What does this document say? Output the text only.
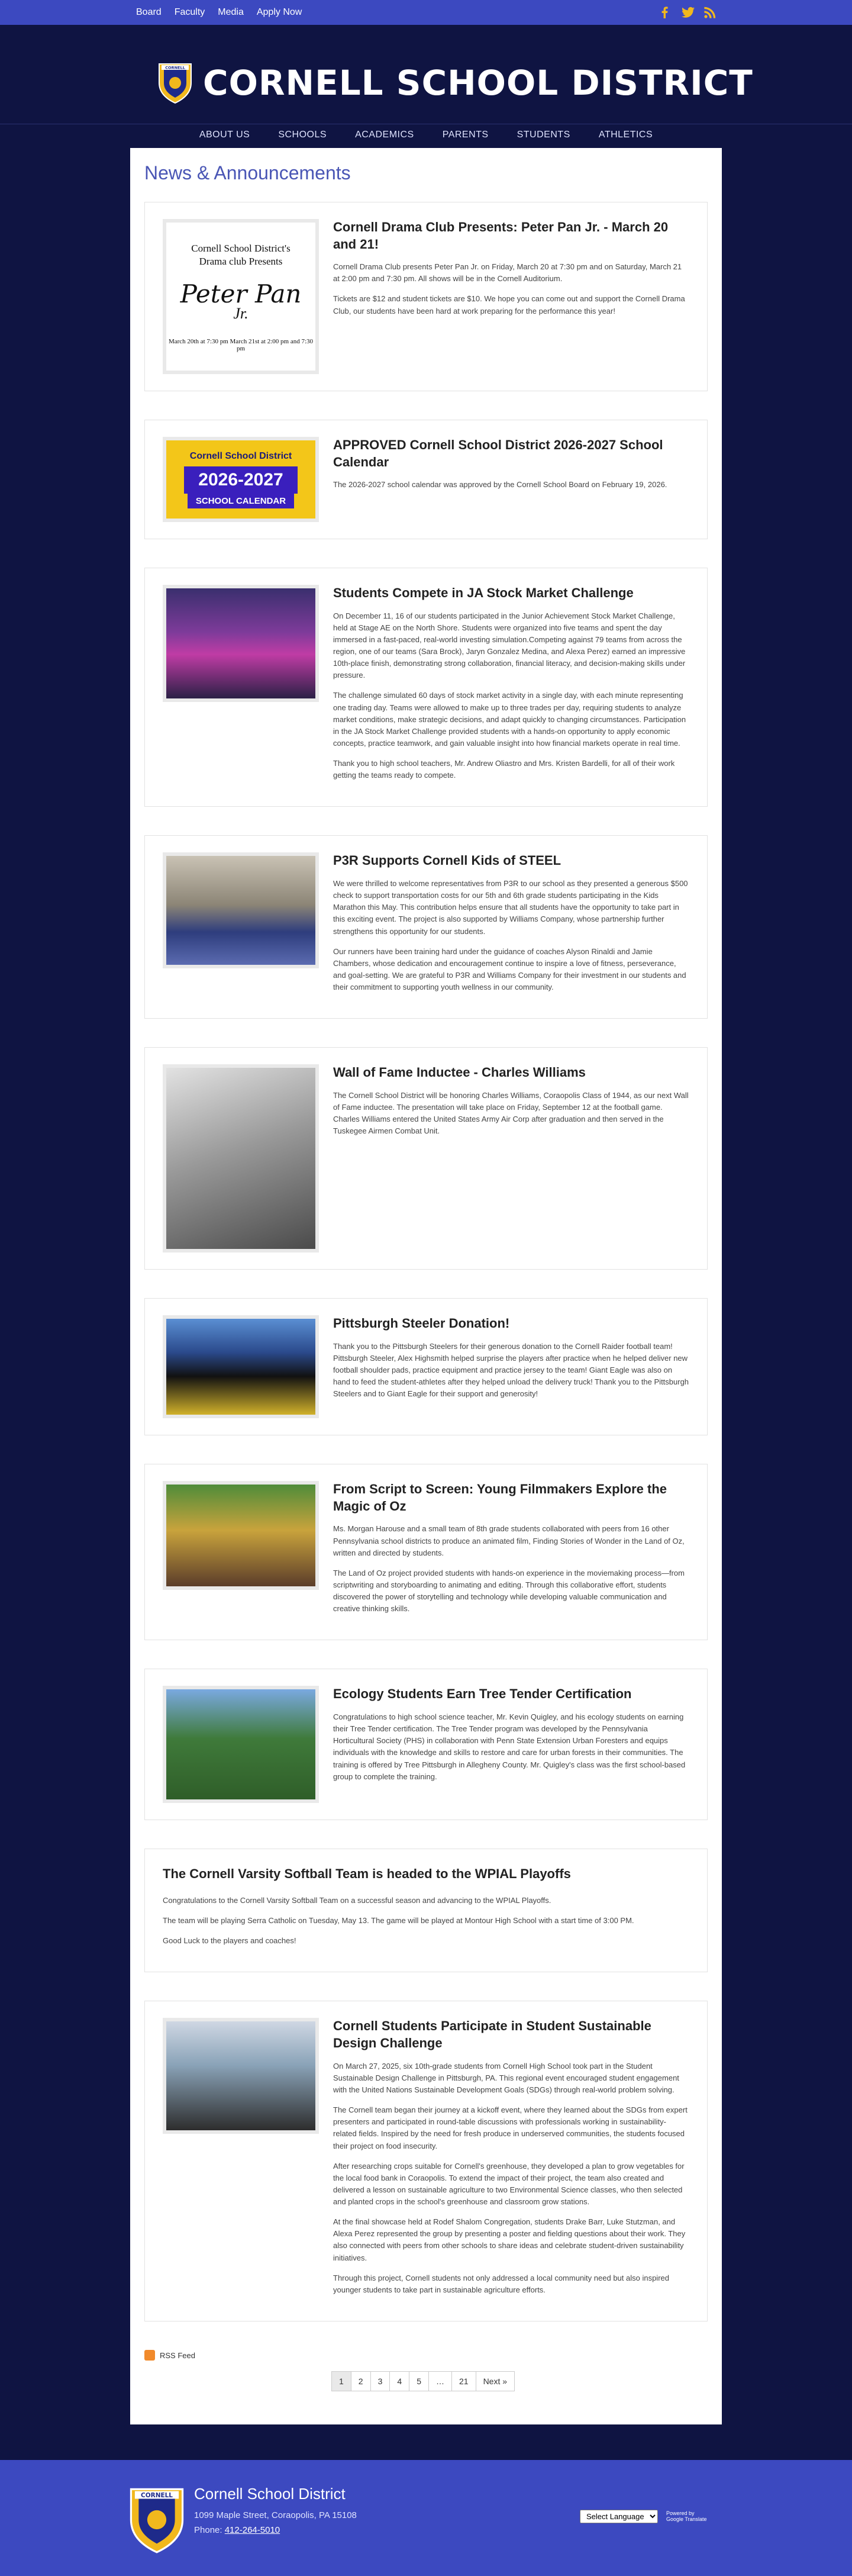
Board Faculty Media Apply Now
CORNELL CORNELL SCHOOL DISTRICT
ABOUT US	SCHOOLS	ACADEMICS	PARENTS	STUDENTS	ATHLETICS
News & Announcements
Cornell School District's
Drama club Presents
Peter Pan
Jr.
March 20th at 7:30 pm March 21st at 2:00 pm and 7:30 pm
Cornell Drama Club Presents: Peter Pan Jr. - March 20 and 21!

Cornell Drama Club presents Peter Pan Jr. on Friday, March 20 at 7:30 pm and on Saturday, March 21 at 2:00 pm and 7:30 pm. All shows will be in the Cornell Auditorium.

Tickets are $12 and student tickets are $10. We hope you can come out and support the Cornell Drama Club, our students have been hard at work preparing for the performance this year!

Cornell School District
2026-2027
SCHOOL CALENDAR
APPROVED Cornell School District 2026-2027 School Calendar

The 2026-2027 school calendar was approved by the Cornell School Board on February 19, 2026.

Students Compete in JA Stock Market Challenge

On December 11, 16 of our students participated in the Junior Achievement Stock Market Challenge, held at Stage AE on the North Shore. Students were organized into five teams and spent the day immersed in a fast-paced, real-world investing simulation.Competing against 79 teams from across the region, one of our teams (Sara Brock), Jaryn Gonzalez Medina, and Alexa Perez) earned an impressive 10th-place finish, demonstrating strong collaboration, financial literacy, and decision-making skills under pressure.

The challenge simulated 60 days of stock market activity in a single day, with each minute representing one trading day. Teams were allowed to make up to three trades per day, requiring students to analyze market conditions, make strategic decisions, and adapt quickly to changing circumstances. Participation in the JA Stock Market Challenge provided students with a hands-on opportunity to apply economic concepts, practice teamwork, and gain valuable insight into how financial markets operate in real time.

Thank you to high school teachers, Mr. Andrew Oliastro and Mrs. Kristen Bardelli, for all of their work getting the teams ready to compete.

P3R Supports Cornell Kids of STEEL

We were thrilled to welcome representatives from P3R to our school as they presented a generous $500 check to support transportation costs for our 5th and 6th grade students participating in the Kids Marathon this May. This contribution helps ensure that all students have the opportunity to take part in this exciting event. The project is also supported by Williams Company, whose partnership further strengthens this opportunity for our students.

Our runners have been training hard under the guidance of coaches Alyson Rinaldi and Jamie Chambers, whose dedication and encouragement continue to inspire a love of fitness, perseverance, and goal-setting. We are grateful to P3R and Williams Company for their investment in our students and their commitment to supporting youth wellness in our community.

Wall of Fame Inductee - Charles Williams

The Cornell School District will be honoring Charles Williams, Coraopolis Class of 1944, as our next Wall of Fame inductee. The presentation will take place on Friday, September 12 at the football game. Charles Williams entered the United States Army Air Corp after graduation and then served in the Tuskegee Airmen Combat Unit.

Pittsburgh Steeler Donation!

Thank you to the Pittsburgh Steelers for their generous donation to the Cornell Raider football team! Pittsburgh Steeler, Alex Highsmith helped surprise the players after practice when he helped deliver new football shoulder pads, practice equipment and practice jersey to the team! Giant Eagle was also on hand to feed the student-athletes after they helped unload the delivery truck! Thank you to the Pittsburgh Steelers and to Giant Eagle for their support and generosity!

From Script to Screen: Young Filmmakers Explore the Magic of Oz

Ms. Morgan Harouse and a small team of 8th grade students collaborated with peers from 16 other Pennsylvania school districts to produce an animated film, Finding Stories of Wonder in the Land of Oz, written and directed by students.

The Land of Oz project provided students with hands-on experience in the moviemaking process—from scriptwriting and storyboarding to animating and editing. Through this collaborative effort, students discovered the power of storytelling and technology while developing valuable communication and creative thinking skills.

Ecology Students Earn Tree Tender Certification

Congratulations to high school science teacher, Mr. Kevin Quigley, and his ecology students on earning their Tree Tender certification. The Tree Tender program was developed by the Pennsylvania Horticultural Society (PHS) in collaboration with Penn State Extension Urban Foresters and equips individuals with the knowledge and skills to restore and care for urban forests in their communities. The training is offered by Tree Pittsburgh in Allegheny County. Mr. Quigley's class was the first school-based group to complete the training.

The Cornell Varsity Softball Team is headed to the WPIAL Playoffs

Congratulations to the Cornell Varsity Softball Team on a successful season and advancing to the WPIAL Playoffs.

The team will be playing Serra Catholic on Tuesday, May 13. The game will be played at Montour High School with a start time of 3:00 PM.

Good Luck to the players and coaches!

Cornell Students Participate in Student Sustainable Design Challenge

On March 27, 2025, six 10th-grade students from Cornell High School took part in the Student Sustainable Design Challenge in Pittsburgh, PA. This regional event encouraged student engagement with the United Nations Sustainable Development Goals (SDGs) through real-world problem solving.

The Cornell team began their journey at a kickoff event, where they learned about the SDGs from expert presenters and participated in round-table discussions with professionals working in sustainability-related fields. Inspired by the need for fresh produce in underserved communities, the students focused their project on food insecurity.

After researching crops suitable for Cornell's greenhouse, they developed a plan to grow vegetables for the local food bank in Coraopolis. To extend the impact of their project, the team also created and delivered a lesson on sustainable agriculture to two Environmental Science classes, who then selected and planted crops in the school's greenhouse and classroom grow stations.

At the final showcase held at Rodef Shalom Congregation, students Drake Barr, Luke Stutzman, and Alexa Perez represented the group by presenting a poster and fielding questions about their work. They also connected with peers from other schools to share ideas and celebrate student-driven sustainability initiatives.

Through this project, Cornell students not only addressed a local community need but also inspired younger students to take part in sustainable agriculture efforts.

RSS Feed
1	2	3	4	5	…	21	Next »
CORNELL Cornell School District
1099 Maple Street, Coraopolis, PA 15108
Phone: 412-264-5010
Select Language
Powered by
Google Translate
